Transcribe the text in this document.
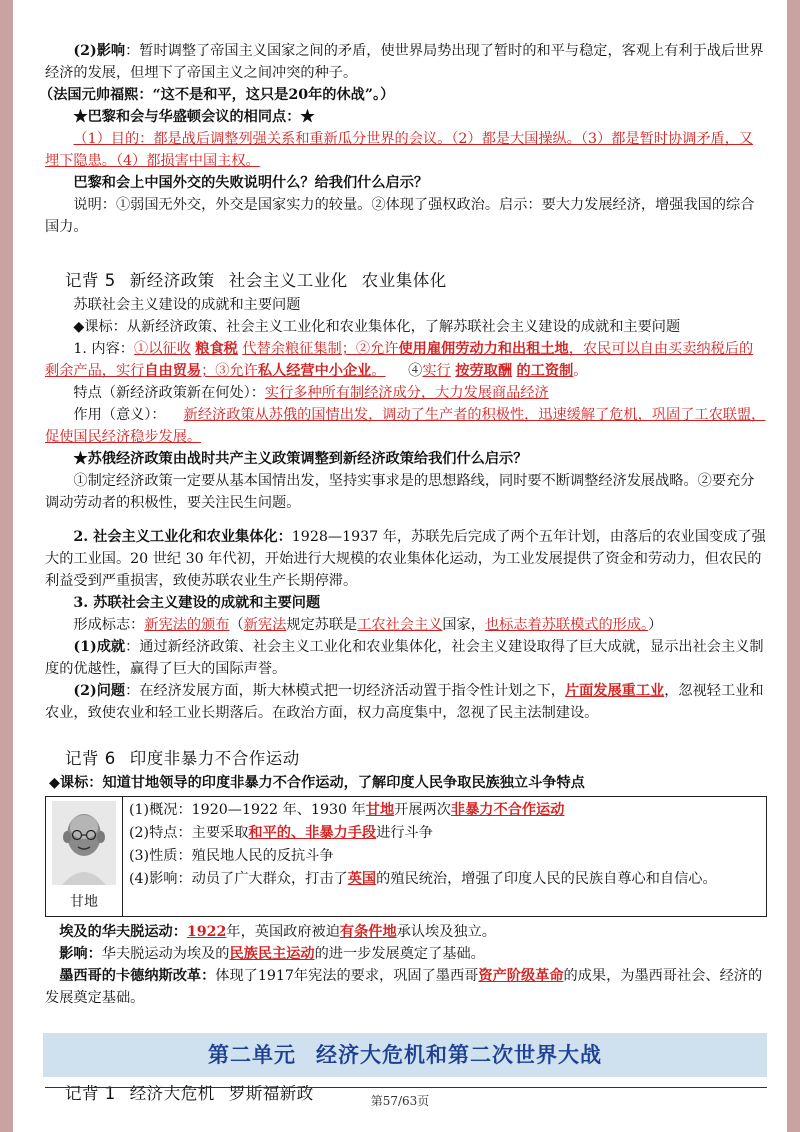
(2)影响：暂时调整了帝国主义国家之间的矛盾，使世界局势出现了暂时的和平与稳定，客观上有利于战后世界经济的发展，但埋下了帝国主义之间冲突的种子。

（法国元帅福熙：“这不是和平，这只是20年的休战”。）

★巴黎和会与华盛顿会议的相同点：★

（1）目的：都是战后调整列强关系和重新瓜分世界的会议。（2）都是大国操纵。（3）都是暂时协调矛盾，又埋下隐患。（4）都损害中国主权。

巴黎和会上中国外交的失败说明什么？给我们什么启示？

说明：①弱国无外交，外交是国家实力的较量。②体现了强权政治。启示：要大力发展经济，增强我国的综合国力。

记背 5 新经济政策 社会主义工业化 农业集体化

苏联社会主义建设的成就和主要问题

◆课标：从新经济政策、社会主义工业化和农业集体化，了解苏联社会主义建设的成就和主要问题

1. 内容：①以征收 粮食税 代替余粮征集制；②允许使用雇佣劳动力和出租土地，农民可以自由买卖纳税后的剩余产品，实行自由贸易；③允许私人经营中小企业。 ④实行 按劳取酬 的工资制。

特点（新经济政策新在何处）：实行多种所有制经济成分，大力发展商品经济

作用（意义）： 新经济政策从苏俄的国情出发，调动了生产者的积极性，迅速缓解了危机，巩固了工农联盟，促使国民经济稳步发展。

★苏俄经济政策由战时共产主义政策调整到新经济政策给我们什么启示？

①制定经济政策一定要从基本国情出发，坚持实事求是的思想路线，同时要不断调整经济发展战略。②要充分调动劳动者的积极性，要关注民生问题。

2. 社会主义工业化和农业集体化：1928—1937 年，苏联先后完成了两个五年计划，由落后的农业国变成了强大的工业国。20 世纪 30 年代初，开始进行大规模的农业集体化运动，为工业发展提供了资金和劳动力，但农民的利益受到严重损害，致使苏联农业生产长期停滞。

3. 苏联社会主义建设的成就和主要问题

形成标志：新宪法的颁布（新宪法规定苏联是工农社会主义国家，也标志着苏联模式的形成。）

(1)成就：通过新经济政策、社会主义工业化和农业集体化，社会主义建设取得了巨大成就，显示出社会主义制度的优越性，赢得了巨大的国际声誉。

(2)问题：在经济发展方面，斯大林模式把一切经济活动置于指令性计划之下，片面发展重工业，忽视轻工业和农业，致使农业和轻工业长期落后。在政治方面，权力高度集中，忽视了民主法制建设。

记背 6 印度非暴力不合作运动

◆课标：知道甘地领导的印度非暴力不合作运动，了解印度人民争取民族独立斗争特点

甘地

(1)概况：1920—1922 年、1930 年甘地开展两次非暴力不合作运动
(2)特点：主要采取和平的、非暴力手段进行斗争
(3)性质：殖民地人民的反抗斗争
(4)影响：动员了广大群众，打击了英国的殖民统治，增强了印度人民的民族自尊心和自信心。

埃及的华夫脱运动：1922年，英国政府被迫有条件地承认埃及独立。

影响：华夫脱运动为埃及的民族民主运动的进一步发展奠定了基础。

墨西哥的卡德纳斯改革：体现了1917年宪法的要求，巩固了墨西哥资产阶级革命的成果，为墨西哥社会、经济的发展奠定基础。

第二单元 经济大危机和第二次世界大战

记背 1 经济大危机 罗斯福新政	第57/63页
